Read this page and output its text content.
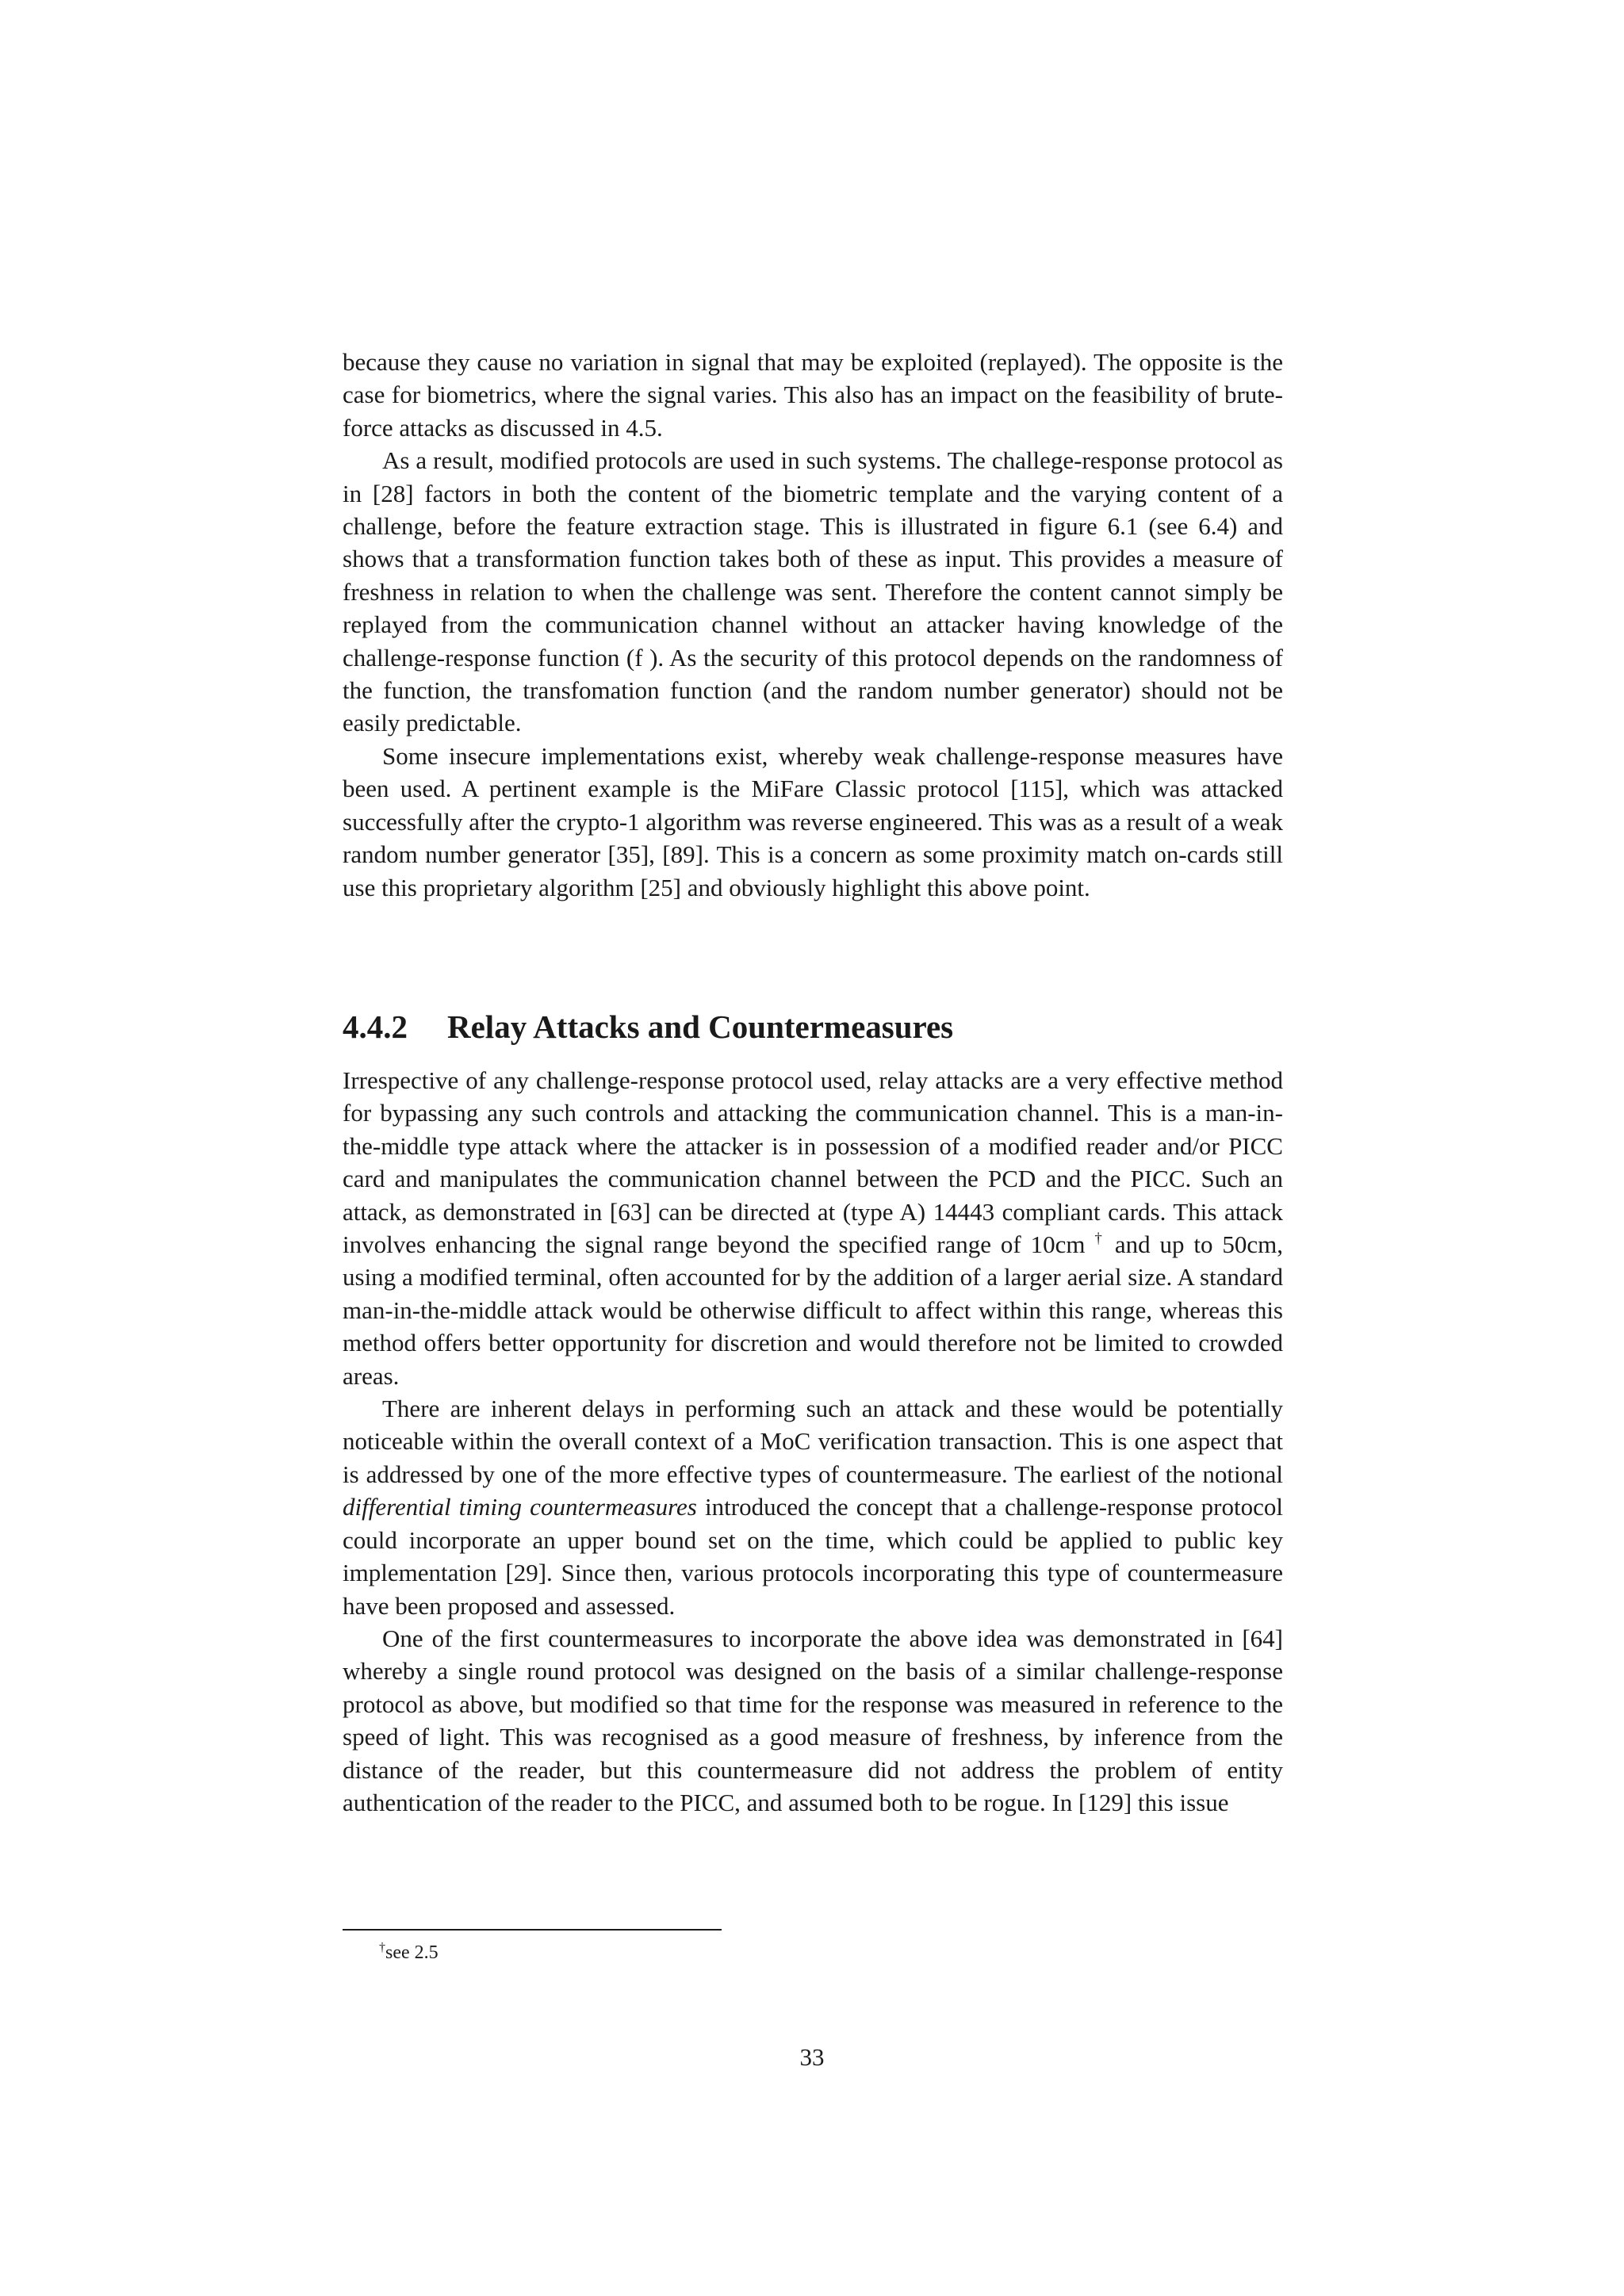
because they cause no variation in signal that may be exploited (replayed). The opposite is the case for biometrics, where the signal varies. This also has an impact on the feasibility of brute-force attacks as discussed in 4.5.

As a result, modified protocols are used in such systems. The challege-response protocol as in [28] factors in both the content of the biometric template and the varying content of a challenge, before the feature extraction stage. This is illustrated in figure 6.1 (see 6.4) and shows that a transformation function takes both of these as input. This provides a measure of freshness in relation to when the challenge was sent. Therefore the content cannot simply be replayed from the communication channel without an attacker having knowledge of the challenge-response function (f ). As the security of this protocol depends on the randomness of the function, the transfomation function (and the random number generator) should not be easily predictable.

Some insecure implementations exist, whereby weak challenge-response measures have been used. A pertinent example is the MiFare Classic protocol [115], which was attacked successfully after the crypto-1 algorithm was reverse engineered. This was as a result of a weak random number generator [35], [89]. This is a concern as some proximity match on-cards still use this proprietary algorithm [25] and obviously highlight this above point.

4.4.2 Relay Attacks and Countermeasures

Irrespective of any challenge-response protocol used, relay attacks are a very effective method for bypassing any such controls and attacking the communication channel. This is a man-in-the-middle type attack where the attacker is in possession of a modified reader and/or PICC card and manipulates the communication channel between the PCD and the PICC. Such an attack, as demonstrated in [63] can be directed at (type A) 14443 compliant cards. This attack involves enhancing the signal range beyond the specified range of 10cm † and up to 50cm, using a modified terminal, often accounted for by the addition of a larger aerial size. A standard man-in-the-middle attack would be otherwise difficult to affect within this range, whereas this method offers better opportunity for discretion and would therefore not be limited to crowded areas.

There are inherent delays in performing such an attack and these would be potentially noticeable within the overall context of a MoC verification transaction. This is one aspect that is addressed by one of the more effective types of countermeasure. The earliest of the notional differential timing countermeasures introduced the concept that a challenge-response protocol could incorporate an upper bound set on the time, which could be applied to public key implementation [29]. Since then, various protocols incorporating this type of countermeasure have been proposed and assessed.

One of the first countermeasures to incorporate the above idea was demonstrated in [64] whereby a single round protocol was designed on the basis of a similar challenge-response protocol as above, but modified so that time for the response was measured in reference to the speed of light. This was recognised as a good measure of freshness, by inference from the distance of the reader, but this countermeasure did not address the problem of entity authentication of the reader to the PICC, and assumed both to be rogue. In [129] this issue

†see 2.5
33
